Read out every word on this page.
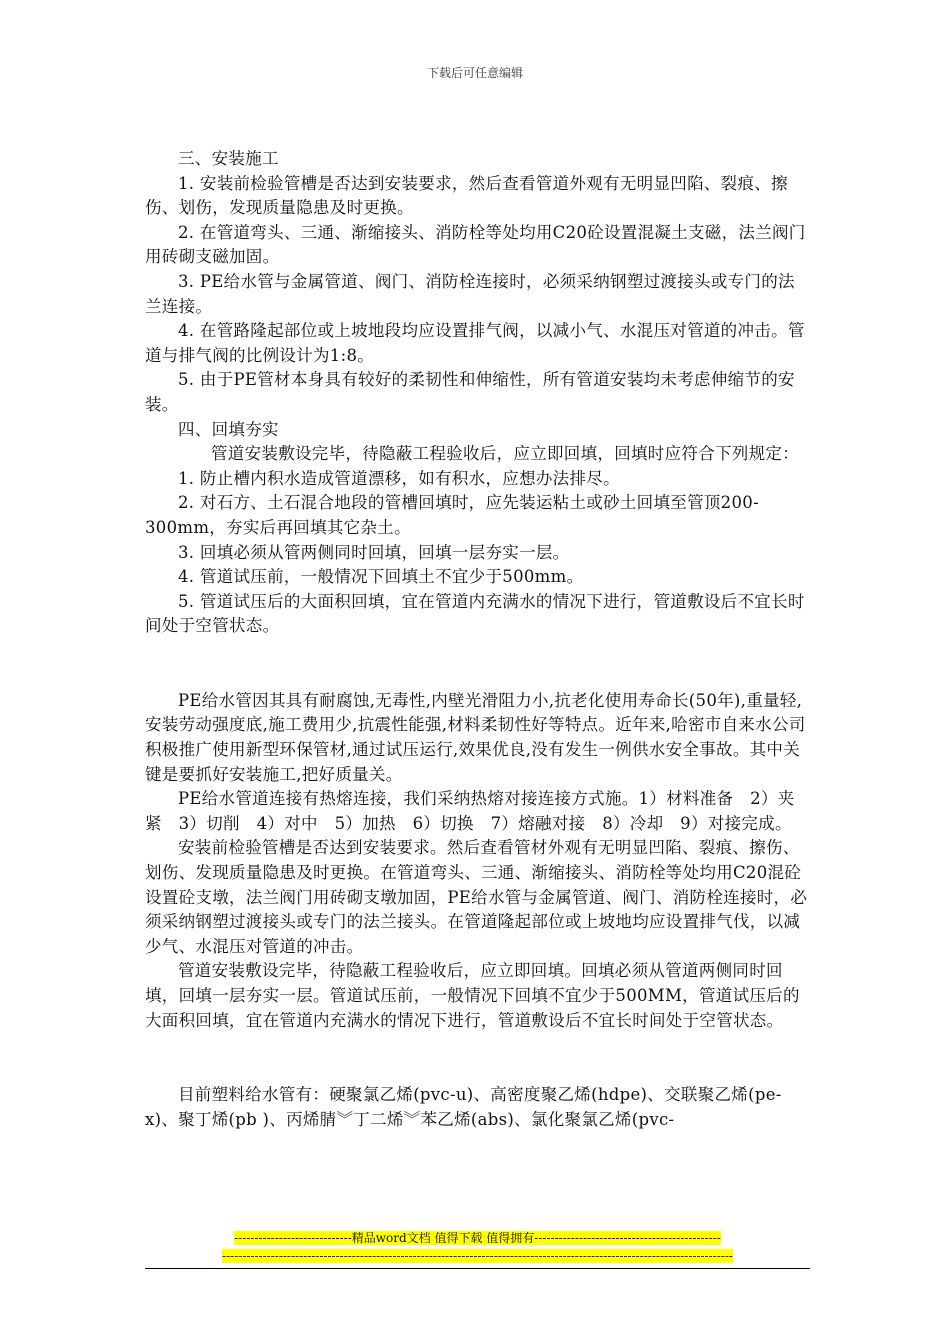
下载后可任意编辑

三、安装施工

1. 安装前检验管槽是否达到安装要求，然后查看管道外观有无明显凹陷、裂痕、擦伤、划伤，发现质量隐患及时更换。

2. 在管道弯头、三通、渐缩接头、消防栓等处均用C20砼设置混凝土支磁，法兰阀门用砖砌支磁加固。

3. PE给水管与金属管道、阀门、消防栓连接时，必须采纳钢塑过渡接头或专门的法兰连接。

4. 在管路隆起部位或上坡地段均应设置排气阀，以减小气、水混压对管道的冲击。管道与排气阀的比例设计为1:8。

5. 由于PE管材本身具有较好的柔韧性和伸缩性，所有管道安装均未考虑伸缩节的安装。

四、回填夯实

管道安装敷设完毕，待隐蔽工程验收后，应立即回填，回填时应符合下列规定：

1. 防止槽内积水造成管道漂移，如有积水，应想办法排尽。

2. 对石方、土石混合地段的管槽回填时，应先装运粘土或砂土回填至管顶200-300mm，夯实后再回填其它杂土。

3. 回填必须从管两侧同时回填，回填一层夯实一层。

4. 管道试压前，一般情况下回填土不宜少于500mm。

5. 管道试压后的大面积回填，宜在管道内充满水的情况下进行，管道敷设后不宜长时间处于空管状态。

PE给水管因其具有耐腐蚀,无毒性,内壁光滑阻力小,抗老化使用寿命长(50年),重量轻,安装劳动强度底,施工费用少,抗震性能强,材料柔韧性好等特点。近年来,哈密市自来水公司积极推广使用新型环保管材,通过试压运行,效果优良,没有发生一例供水安全事故。其中关键是要抓好安装施工,把好质量关。

PE给水管道连接有热熔连接，我们采纳热熔对接连接方式施。1）材料准备　2）夹紧　3）切削　4）对中　5）加热　6）切换　7）熔融对接　8）冷却　9）对接完成。

安装前检验管槽是否达到安装要求。然后查看管材外观有无明显凹陷、裂痕、擦伤、划伤、发现质量隐患及时更换。在管道弯头、三通、渐缩接头、消防栓等处均用C20混砼设置砼支墩，法兰阀门用砖砌支墩加固，PE给水管与金属管道、阀门、消防栓连接时，必须采纳钢塑过渡接头或专门的法兰接头。在管道隆起部位或上坡地均应设置排气伐，以减少气、水混压对管道的冲击。

管道安装敷设完毕，待隐蔽工程验收后，应立即回填。回填必须从管道两侧同时回填，回填一层夯实一层。管道试压前，一般情况下回填不宜少于500MM，管道试压后的大面积回填，宜在管道内充满水的情况下进行，管道敷设后不宜长时间处于空管状态。

目前塑料给水管有：硬聚氯乙烯(pvc-u)、高密度聚乙烯(hdpe)、交联聚乙烯(pe-x)、聚丁烯(pb )、丙烯腈︾丁二烯︾苯乙烯(abs)、氯化聚氯乙烯(pvc-

-----------------------------精品word文档 值得下载 值得拥有----------------------------------------------
------------------------------------------------------------------------------------------------------------------------------
